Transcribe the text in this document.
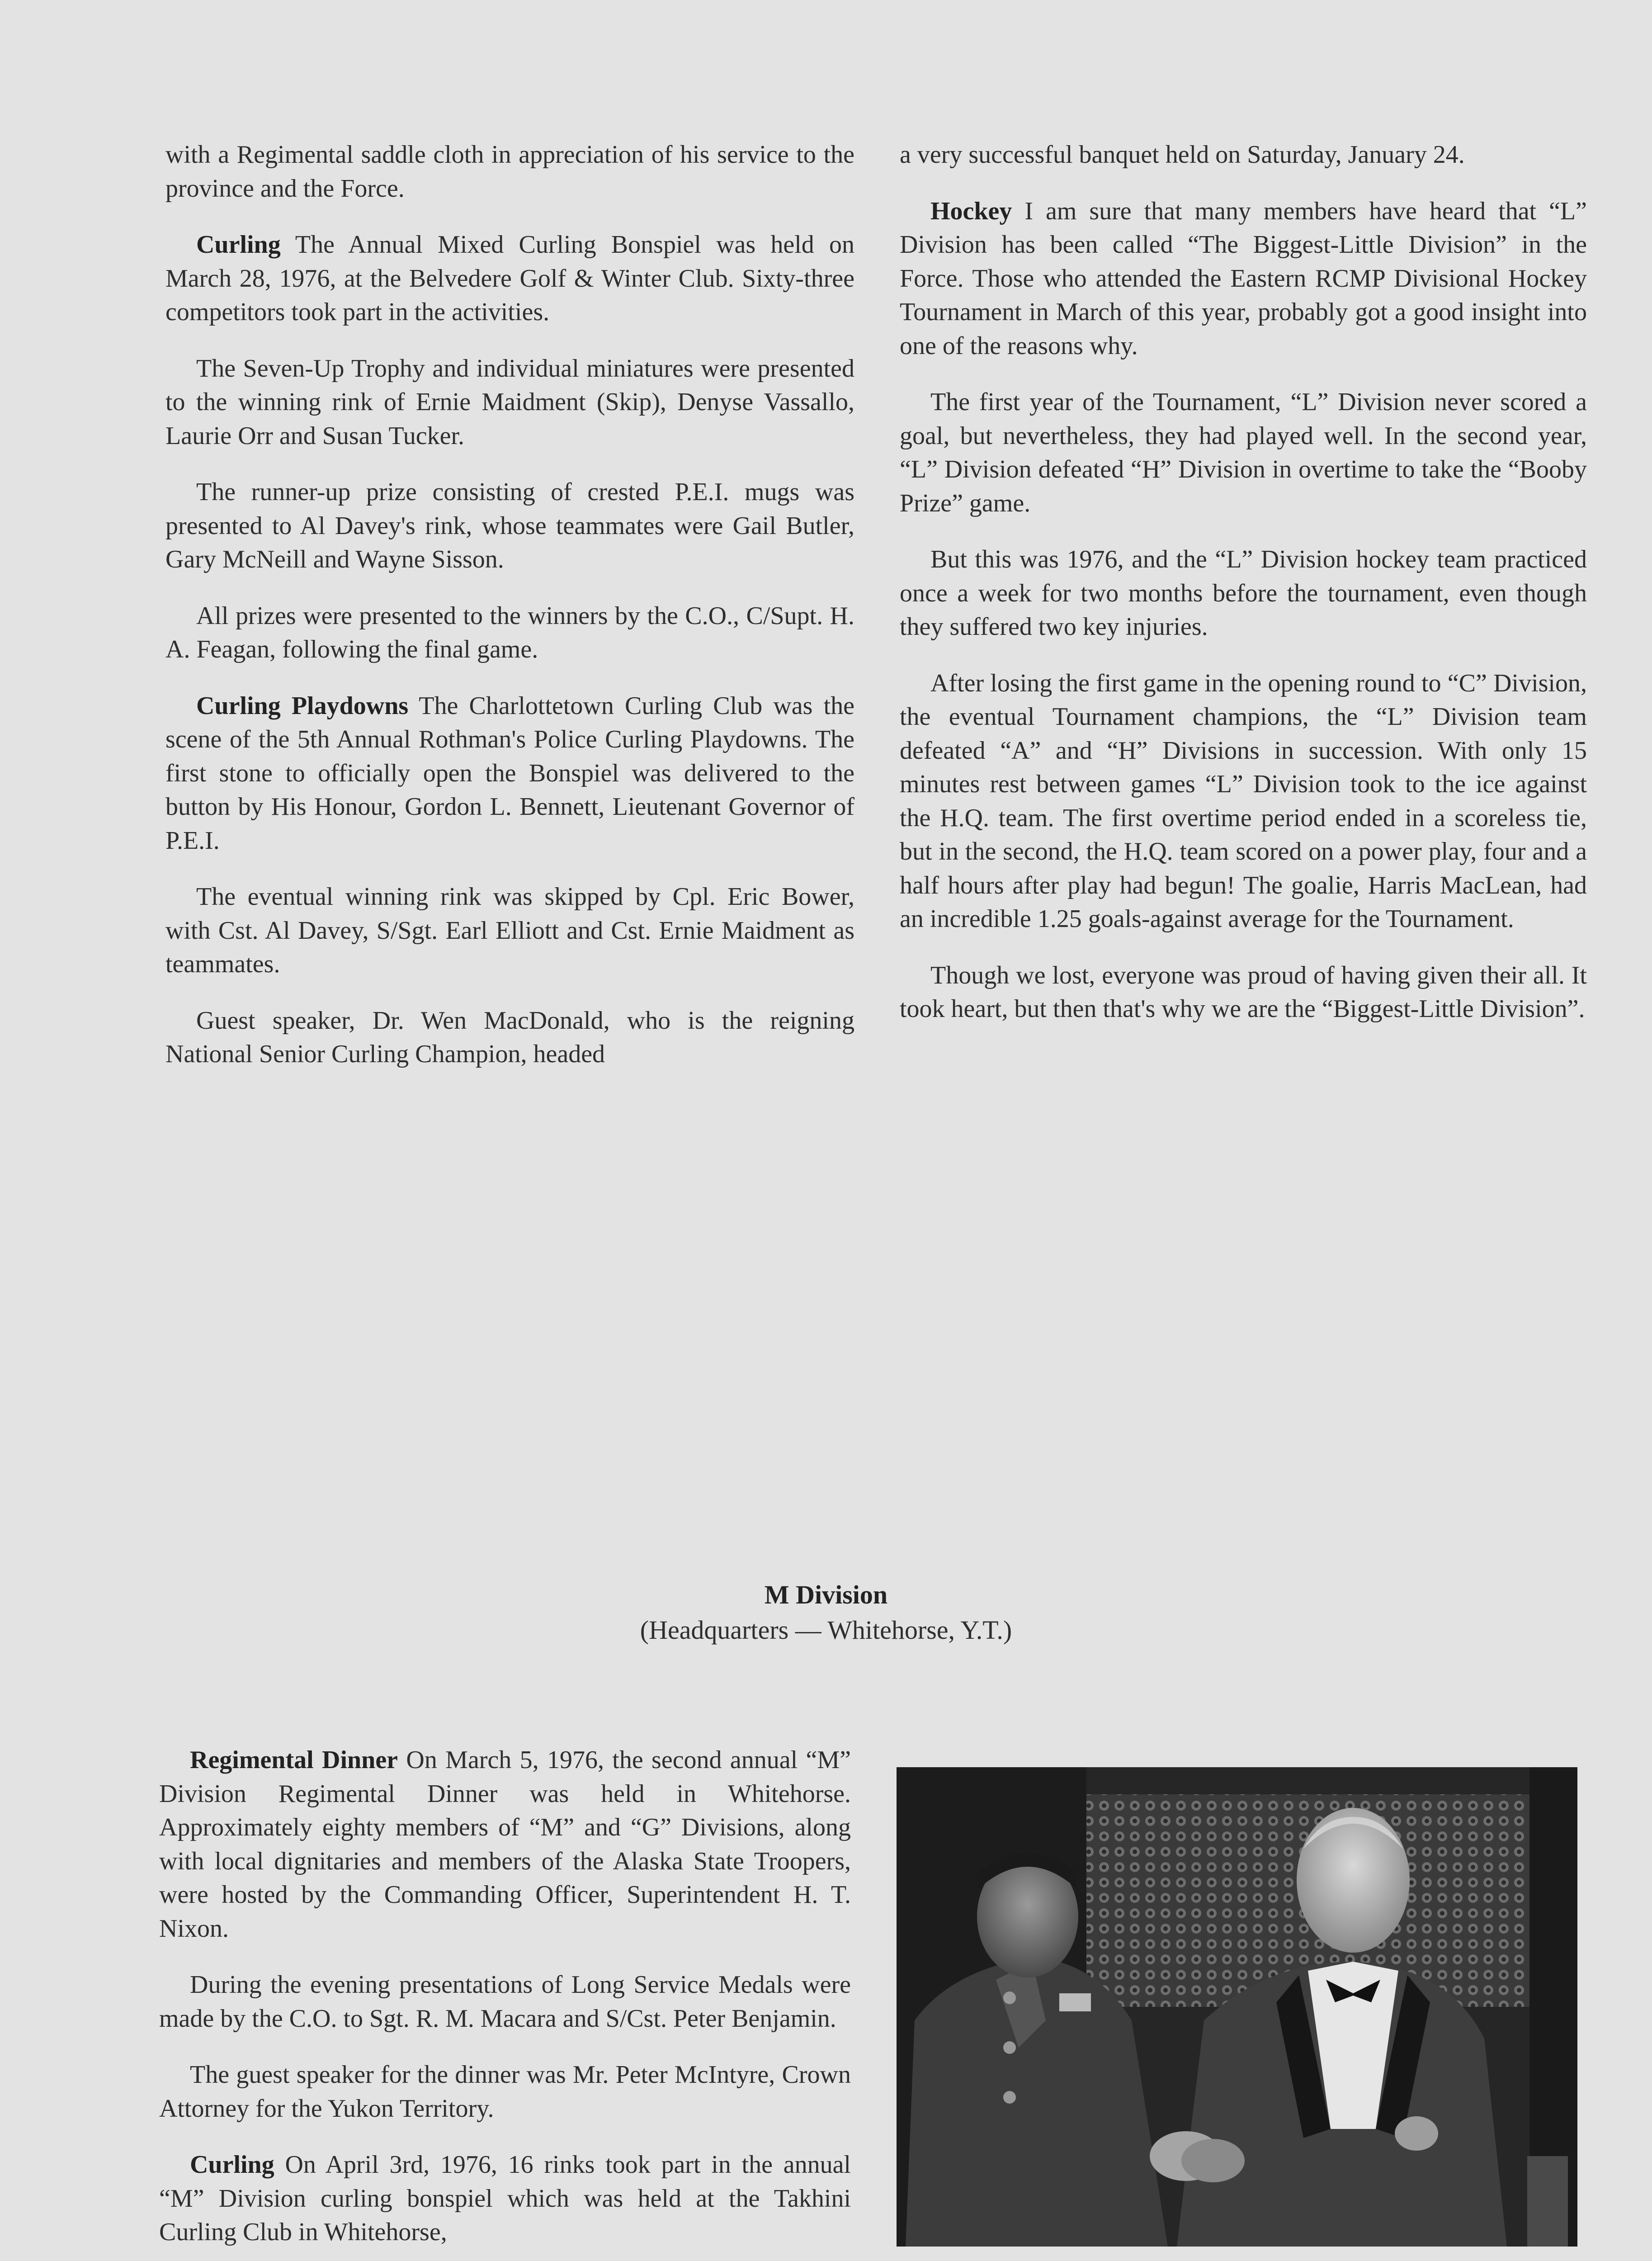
with a Regimental saddle cloth in appreciation of his service to the province and the Force.

Curling The Annual Mixed Curling Bonspiel was held on March 28, 1976, at the Belvedere Golf & Winter Club. Sixty-three competitors took part in the activities.

The Seven-Up Trophy and individual miniatures were presented to the winning rink of Ernie Maidment (Skip), Denyse Vassallo, Laurie Orr and Susan Tucker.

The runner-up prize consisting of crested P.E.I. mugs was presented to Al Davey's rink, whose teammates were Gail Butler, Gary McNeill and Wayne Sisson.

All prizes were presented to the winners by the C.O., C/Supt. H. A. Feagan, following the final game.

Curling Playdowns The Charlottetown Curling Club was the scene of the 5th Annual Rothman's Police Curling Playdowns. The first stone to officially open the Bonspiel was delivered to the button by His Honour, Gordon L. Bennett, Lieutenant Governor of P.E.I.

The eventual winning rink was skipped by Cpl. Eric Bower, with Cst. Al Davey, S/Sgt. Earl Elliott and Cst. Ernie Maidment as teammates.

Guest speaker, Dr. Wen MacDonald, who is the reigning National Senior Curling Champion, headed

a very successful banquet held on Saturday, January 24.

Hockey I am sure that many members have heard that “L” Division has been called “The Biggest-Little Division” in the Force. Those who attended the Eastern RCMP Divisional Hockey Tournament in March of this year, probably got a good insight into one of the reasons why.

The first year of the Tournament, “L” Division never scored a goal, but nevertheless, they had played well. In the second year, “L” Division defeated “H” Division in overtime to take the “Booby Prize” game.

But this was 1976, and the “L” Division hockey team practiced once a week for two months before the tournament, even though they suffered two key injuries.

After losing the first game in the opening round to “C” Division, the eventual Tournament champions, the “L” Division team defeated “A” and “H” Divisions in succession. With only 15 minutes rest between games “L” Division took to the ice against the H.Q. team. The first overtime period ended in a scoreless tie, but in the second, the H.Q. team scored on a power play, four and a half hours after play had begun! The goalie, Harris MacLean, had an incredible 1.25 goals-against average for the Tournament.

Though we lost, everyone was proud of having given their all. It took heart, but then that's why we are the “Biggest-Little Division”.

M Division
(Headquarters — Whitehorse, Y.T.)

Regimental Dinner On March 5, 1976, the second annual “M” Division Regimental Dinner was held in Whitehorse. Approximately eighty members of “M” and “G” Divisions, along with local dignitaries and members of the Alaska State Troopers, were hosted by the Commanding Officer, Superintendent H. T. Nixon.

During the evening presentations of Long Service Medals were made by the C.O. to Sgt. R. M. Macara and S/Cst. Peter Benjamin.

The guest speaker for the dinner was Mr. Peter McIntyre, Crown Attorney for the Yukon Territory.

Curling On April 3rd, 1976, 16 rinks took part in the annual “M” Division curling bonspiel which was held at the Takhini Curling Club in Whitehorse,
